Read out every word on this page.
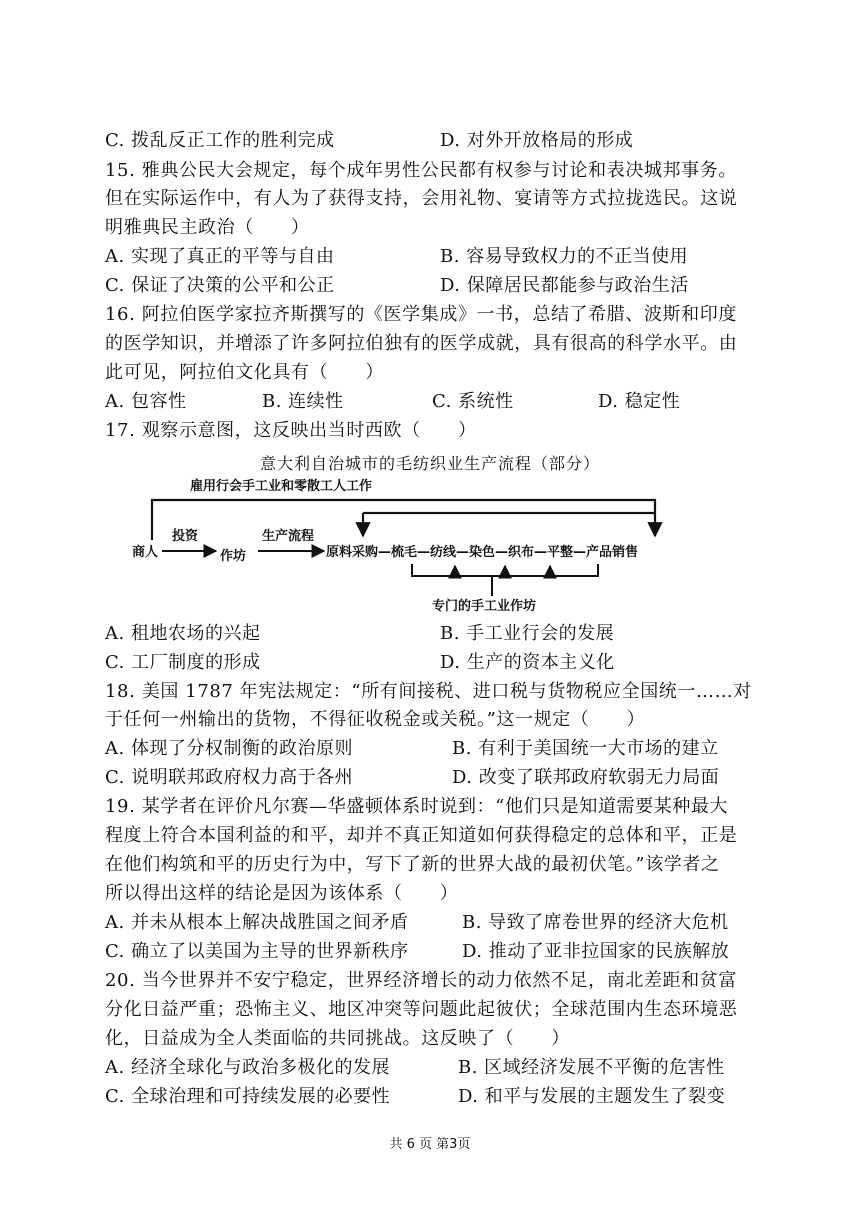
C. 拨乱反正工作的胜利完成	D. 对外开放格局的形成
15. 雅典公民大会规定，每个成年男性公民都有权参与讨论和表决城邦事务。
但在实际运作中，有人为了获得支持，会用礼物、宴请等方式拉拢选民。这说
明雅典民主政治（　　）
A. 实现了真正的平等与自由	B. 容易导致权力的不正当使用
C. 保证了决策的公平和公正	D. 保障居民都能参与政治生活
16. 阿拉伯医学家拉齐斯撰写的《医学集成》一书，总结了希腊、波斯和印度
的医学知识，并增添了许多阿拉伯独有的医学成就，具有很高的科学水平。由
此可见，阿拉伯文化具有（　　）
A. 包容性	B. 连续性	C. 系统性	D. 稳定性
17. 观察示意图，这反映出当时西欧（　　）
意大利自治城市的毛纺织业生产流程（部分）
雇用行会手工业和零散工人工作
商人
投资
作坊
生产流程
原料采购—梳毛—纺线—染色—织布—平整—产品销售
专门的手工业作坊
A. 租地农场的兴起	B. 手工业行会的发展
C. 工厂制度的形成	D. 生产的资本主义化
18. 美国 1787 年宪法规定：“所有间接税、进口税与货物税应全国统一……对
于任何一州输出的货物，不得征收税金或关税。”这一规定（　　）
A. 体现了分权制衡的政治原则	B. 有利于美国统一大市场的建立
C. 说明联邦政府权力高于各州	D. 改变了联邦政府软弱无力局面
19. 某学者在评价凡尔赛—华盛顿体系时说到：“他们只是知道需要某种最大
程度上符合本国利益的和平，却并不真正知道如何获得稳定的总体和平，正是
在他们构筑和平的历史行为中，写下了新的世界大战的最初伏笔。”该学者之
所以得出这样的结论是因为该体系（　　）
A. 并未从根本上解决战胜国之间矛盾	B. 导致了席卷世界的经济大危机
C. 确立了以美国为主导的世界新秩序	D. 推动了亚非拉国家的民族解放
20. 当今世界并不安宁稳定，世界经济增长的动力依然不足，南北差距和贫富
分化日益严重；恐怖主义、地区冲突等问题此起彼伏；全球范围内生态环境恶
化，日益成为全人类面临的共同挑战。这反映了（　　）
A. 经济全球化与政治多极化的发展	B. 区域经济发展不平衡的危害性
C. 全球治理和可持续发展的必要性	D. 和平与发展的主题发生了裂变
共 6 页 第3页
